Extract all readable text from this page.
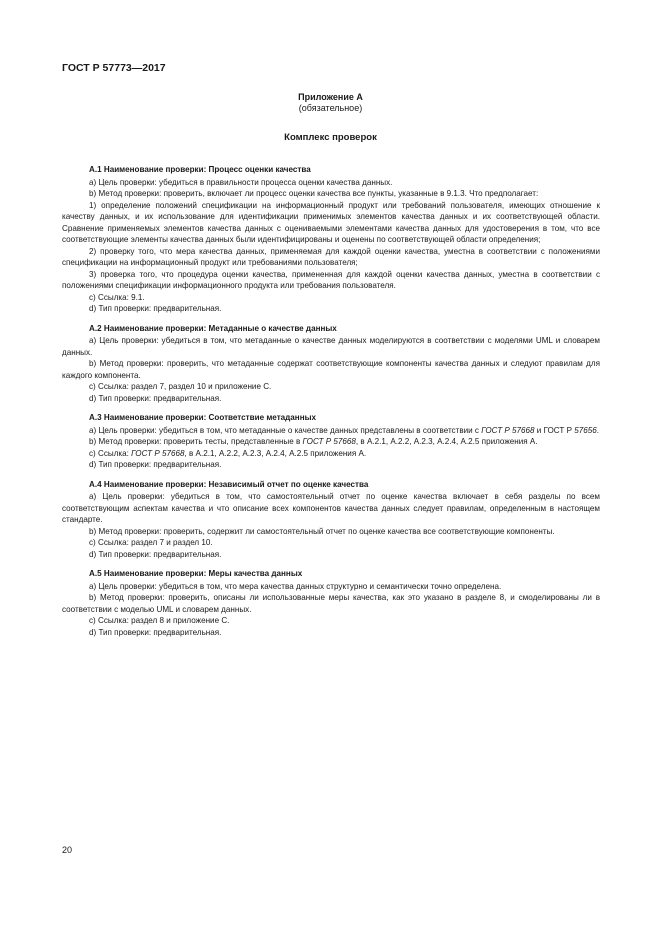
ГОСТ Р 57773—2017
Приложение А
(обязательное)
Комплекс проверок

А.1 Наименование проверки: Процесс оценки качества

а) Цель проверки: убедиться в правильности процесса оценки качества данных.

b) Метод проверки: проверить, включает ли процесс оценки качества все пункты, указанные в 9.1.3. Что предполагает:

1) определение положений спецификации на информационный продукт или требований пользователя, имеющих отношение к качеству данных, и их использование для идентификации применимых элементов качества данных и их соответствующей области. Сравнение применяемых элементов качества данных с оцениваемыми элементами качества данных для удостоверения в том, что все соответствующие элементы качества данных были идентифицированы и оценены по соответствующей области определения;

2) проверку того, что мера качества данных, применяемая для каждой оценки качества, уместна в соответствии с положениями спецификации на информационный продукт или требованиями пользователя;

3) проверка того, что процедура оценки качества, примененная для каждой оценки качества данных, уместна в соответствии с положениями спецификации информационного продукта или требования пользователя.

с) Ссылка: 9.1.

d) Тип проверки: предварительная.

А.2 Наименование проверки: Метаданные о качестве данных

а) Цель проверки: убедиться в том, что метаданные о качестве данных моделируются в соответствии с моделями UML и словарем данных.

b) Метод проверки: проверить, что метаданные содержат соответствующие компоненты качества данных и следуют правилам для каждого компонента.

с) Ссылка: раздел 7, раздел 10 и приложение С.

d) Тип проверки: предварительная.

А.3 Наименование проверки: Соответствие метаданных

а) Цель проверки: убедиться в том, что метаданные о качестве данных представлены в соответствии с ГОСТ Р 57668 и ГОСТ Р 57656.

b) Метод проверки: проверить тесты, представленные в ГОСТ Р 57668, в А.2.1, А.2.2, А.2.3, А.2.4, А.2.5 приложения А.

с) Ссылка: ГОСТ Р 57668, в А.2.1, А.2.2, А.2.3, А.2.4, А.2.5 приложения А.

d) Тип проверки: предварительная.

А.4 Наименование проверки: Независимый отчет по оценке качества

а) Цель проверки: убедиться в том, что самостоятельный отчет по оценке качества включает в себя разделы по всем соответствующим аспектам качества и что описание всех компонентов качества данных следует правилам, определенным в настоящем стандарте.

b) Метод проверки: проверить, содержит ли самостоятельный отчет по оценке качества все соответствующие компоненты.

с) Ссылка: раздел 7 и раздел 10.

d) Тип проверки: предварительная.

А.5 Наименование проверки: Меры качества данных

а) Цель проверки: убедиться в том, что мера качества данных структурно и семантически точно определена.

b) Метод проверки: проверить, описаны ли использованные меры качества, как это указано в разделе 8, и смоделированы ли в соответствии с моделью UML и словарем данных.

с) Ссылка: раздел 8 и приложение С.

d) Тип проверки: предварительная.

20
